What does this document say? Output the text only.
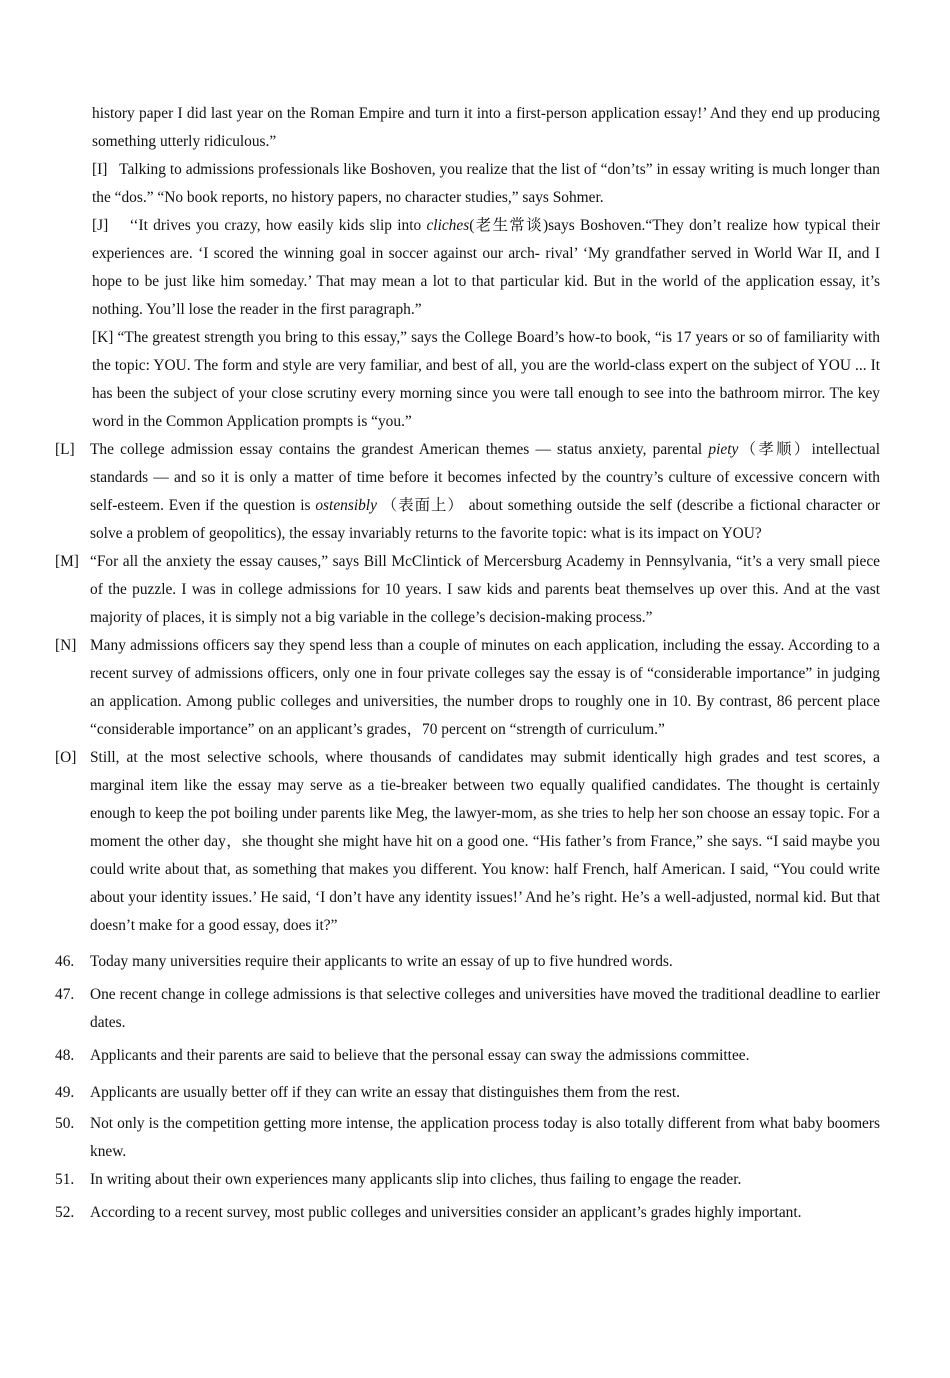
history paper I did last year on the Roman Empire and turn it into a first-person application essay!’ And they end up producing something utterly ridiculous.”

[I] Talking to admissions professionals like Boshoven, you realize that the list of “don’ts” in essay writing is much longer than the “dos.” “No book reports, no history papers, no character studies,” says Sohmer.

[J] ‘‘It drives you crazy, how easily kids slip into cliches(老生常谈)says Boshoven.“They don’t realize how typical their experiences are. ‘I scored the winning goal in soccer against our arch- rival’ ‘My grandfather served in World War II, and I hope to be just like him someday.’ That may mean a lot to that particular kid. But in the world of the application essay, it’s nothing. You’ll lose the reader in the first paragraph.”

[K] “The greatest strength you bring to this essay,” says the College Board’s how-to book, “is 17 years or so of familiarity with the topic: YOU. The form and style are very familiar, and best of all, you are the world-class expert on the subject of YOU ... It has been the subject of your close scrutiny every morning since you were tall enough to see into the bathroom mirror. The key word in the Common Application prompts is “you.”

[L] The college admission essay contains the grandest American themes — status anxiety, parental piety（孝顺）intellectual standards — and so it is only a matter of time before it becomes infected by the country’s culture of excessive concern with self-esteem. Even if the question is ostensibly （表面上） about something outside the self (describe a fictional character or solve a problem of geopolitics), the essay invariably returns to the favorite topic: what is its impact on YOU?

[M] “For all the anxiety the essay causes,” says Bill McClintick of Mercersburg Academy in Pennsylvania, “it’s a very small piece of the puzzle. I was in college admissions for 10 years. I saw kids and parents beat themselves up over this. And at the vast majority of places, it is simply not a big variable in the college’s decision-making process.”

[N] Many admissions officers say they spend less than a couple of minutes on each application, including the essay. According to a recent survey of admissions officers, only one in four private colleges say the essay is of “considerable importance” in judging an application. Among public colleges and universities, the number drops to roughly one in 10. By contrast, 86 percent place “considerable importance” on an applicant’s grades，70 percent on “strength of curriculum.”

[O] Still, at the most selective schools, where thousands of candidates may submit identically high grades and test scores, a marginal item like the essay may serve as a tie-breaker between two equally qualified candidates. The thought is certainly enough to keep the pot boiling under parents like Meg, the lawyer-mom, as she tries to help her son choose an essay topic. For a moment the other day，she thought she might have hit on a good one. “His father’s from France,” she says. “I said maybe you could write about that, as something that makes you different. You know: half French, half American. I said, “You could write about your identity issues.’ He said, ‘I don’t have any identity issues!’ And he’s right. He’s a well-adjusted, normal kid. But that doesn’t make for a good essay, does it?”

46. Today many universities require their applicants to write an essay of up to five hundred words.
47. One recent change in college admissions is that selective colleges and universities have moved the traditional deadline to earlier dates.
48. Applicants and their parents are said to believe that the personal essay can sway the admissions committee.
49. Applicants are usually better off if they can write an essay that distinguishes them from the rest.
50. Not only is the competition getting more intense, the application process today is also totally different from what baby boomers knew.
51. In writing about their own experiences many applicants slip into cliches, thus failing to engage the reader.
52. According to a recent survey, most public colleges and universities consider an applicant’s grades highly important.
